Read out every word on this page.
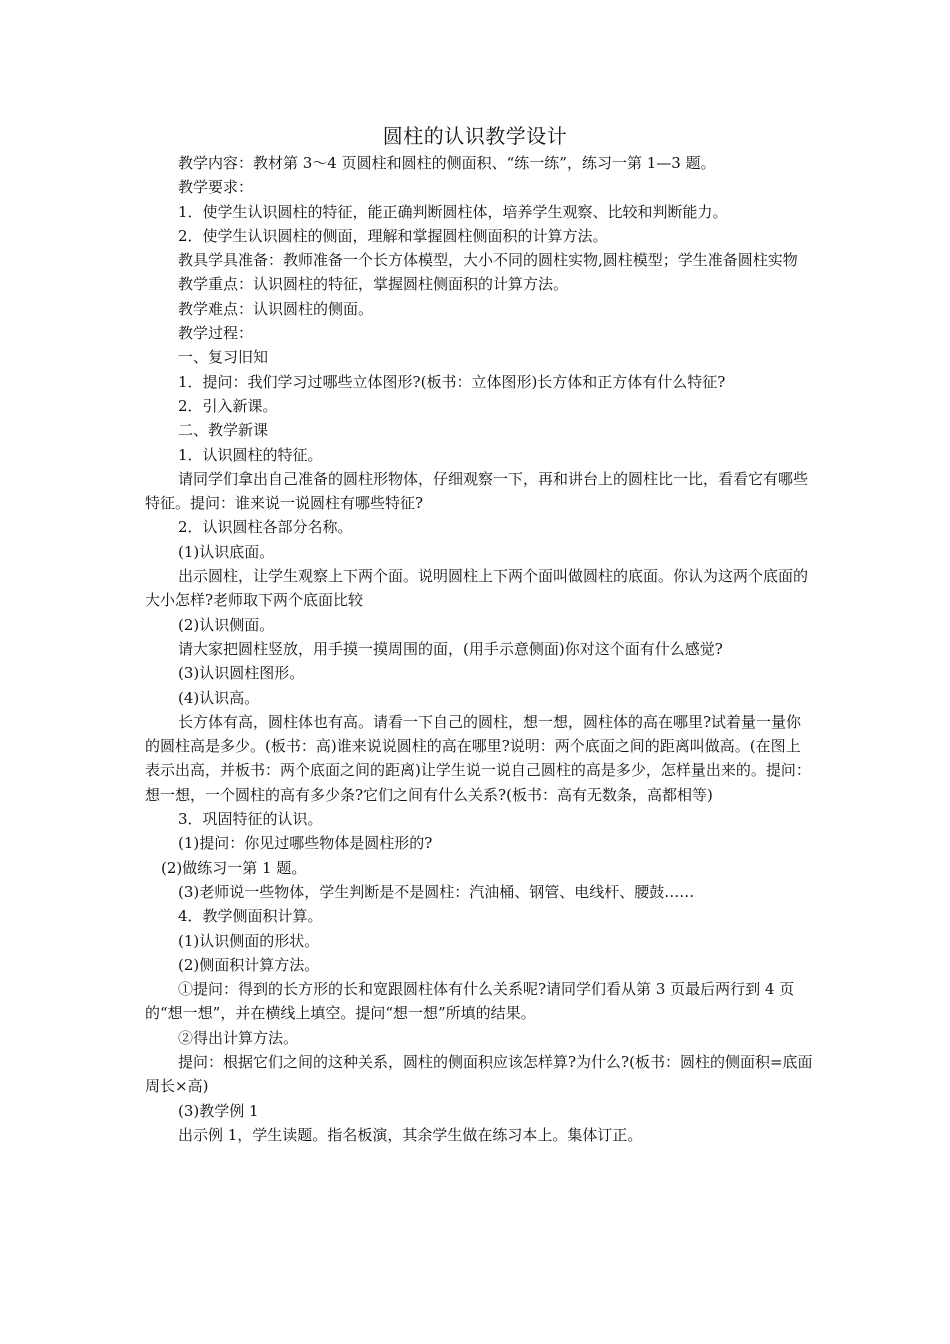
圆柱的认识教学设计

教学内容：教材第 3～4 页圆柱和圆柱的侧面积、“练一练”，练习一第 1—3 题。

教学要求：

1．使学生认识圆柱的特征，能正确判断圆柱体，培养学生观察、比较和判断能力。

2．使学生认识圆柱的侧面，理解和掌握圆柱侧面积的计算方法。

教具学具准备：教师准备一个长方体模型，大小不同的圆柱实物,圆柱模型；学生准备圆柱实物

教学重点：认识圆柱的特征，掌握圆柱侧面积的计算方法。

教学难点：认识圆柱的侧面。

教学过程：

一、复习旧知

1．提问：我们学习过哪些立体图形?(板书：立体图形)长方体和正方体有什么特征?

2．引入新课。

二、教学新课

1．认识圆柱的特征。

请同学们拿出自己准备的圆柱形物体，仔细观察一下，再和讲台上的圆柱比一比，看看它有哪些特征。提问：谁来说一说圆柱有哪些特征?

2．认识圆柱各部分名称。

(1)认识底面。

出示圆柱，让学生观察上下两个面。说明圆柱上下两个面叫做圆柱的底面。你认为这两个底面的大小怎样?老师取下两个底面比较

(2)认识侧面。

请大家把圆柱竖放，用手摸一摸周围的面，(用手示意侧面)你对这个面有什么感觉?

(3)认识圆柱图形。

(4)认识高。

长方体有高，圆柱体也有高。请看一下自己的圆柱，想一想，圆柱体的高在哪里?试着量一量你的圆柱高是多少。(板书：高)谁来说说圆柱的高在哪里?说明：两个底面之间的距离叫做高。(在图上表示出高，并板书：两个底面之间的距离)让学生说一说自己圆柱的高是多少，怎样量出来的。提问：想一想，一个圆柱的高有多少条?它们之间有什么关系?(板书：高有无数条，高都相等)

3．巩固特征的认识。

(1)提问：你见过哪些物体是圆柱形的?

(2)做练习一第 1 题。

(3)老师说一些物体，学生判断是不是圆柱：汽油桶、钢管、电线杆、腰鼓……

4．教学侧面积计算。

(1)认识侧面的形状。

(2)侧面积计算方法。

①提问：得到的长方形的长和宽跟圆柱体有什么关系呢?请同学们看从第 3 页最后两行到 4 页的“想一想”，并在横线上填空。提问“想一想”所填的结果。

②得出计算方法。

提问：根据它们之间的这种关系，圆柱的侧面积应该怎样算?为什么?(板书：圆柱的侧面积=底面周长×高)

(3)教学例 1

出示例 1，学生读题。指名板演，其余学生做在练习本上。集体订正。
